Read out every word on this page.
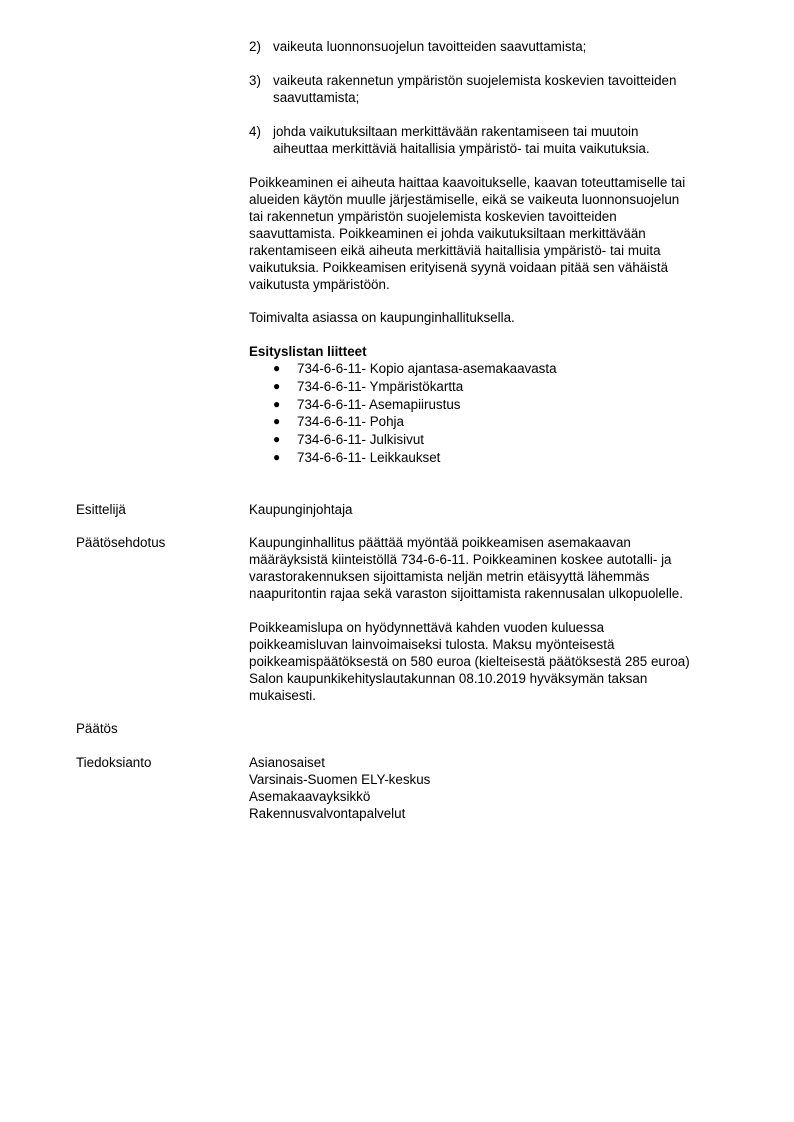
2) vaikeuta luonnonsuojelun tavoitteiden saavuttamista;
3) vaikeuta rakennetun ympäristön suojelemista koskevien tavoitteiden saavuttamista;
4) johda vaikutuksiltaan merkittävään rakentamiseen tai muutoin aiheuttaa merkittäviä haitallisia ympäristö- tai muita vaikutuksia.
Poikkeaminen ei aiheuta haittaa kaavoitukselle, kaavan toteuttamiselle tai
alueiden käytön muulle järjestämiselle, eikä se vaikeuta luonnonsuojelun
tai rakennetun ympäristön suojelemista koskevien tavoitteiden
saavuttamista. Poikkeaminen ei johda vaikutuksiltaan merkittävään
rakentamiseen eikä aiheuta merkittäviä haitallisia ympäristö- tai muita
vaikutuksia. Poikkeamisen erityisenä syynä voidaan pitää sen vähäistä
vaikutusta ympäristöön.
Toimivalta asiassa on kaupunginhallituksella.
Esityslistan liitteet
● 734-6-6-11- Kopio ajantasa-asemakaavasta
● 734-6-6-11- Ympäristökartta
● 734-6-6-11- Asemapiirustus
● 734-6-6-11- Pohja
● 734-6-6-11- Julkisivut
● 734-6-6-11- Leikkaukset
Esittelijä	Kaupunginjohtaja
Päätösehdotus	Kaupunginhallitus päättää myöntää poikkeamisen asemakaavan
määräyksistä kiinteistöllä 734-6-6-11. Poikkeaminen koskee autotalli- ja
varastorakennuksen sijoittamista neljän metrin etäisyyttä lähemmäs
naapuritontin rajaa sekä varaston sijoittamista rakennusalan ulkopuolelle.
Poikkeamislupa on hyödynnettävä kahden vuoden kuluessa
poikkeamisluvan lainvoimaiseksi tulosta. Maksu myönteisestä
poikkeamispäätöksestä on 580 euroa (kielteisestä päätöksestä 285 euroa)
Salon kaupunkikehityslautakunnan 08.10.2019 hyväksymän taksan
mukaisesti.
Päätös
Tiedoksianto	Asianosaiset
Varsinais-Suomen ELY-keskus
Asemakaavayksikkö
Rakennusvalvontapalvelut
